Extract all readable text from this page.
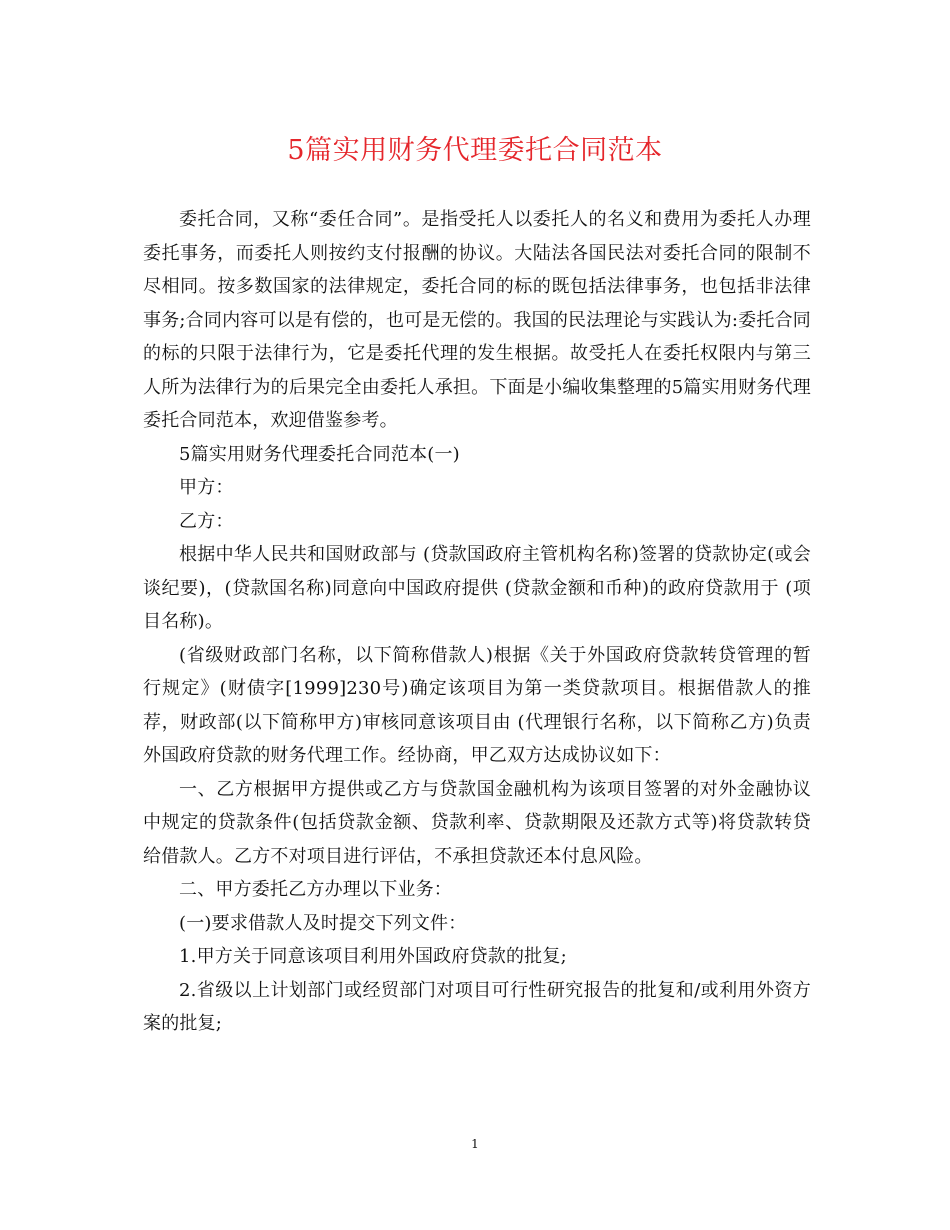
5篇实用财务代理委托合同范本

委托合同，又称“委任合同”。是指受托人以委托人的名义和费用为委托人办理委托事务，而委托人则按约支付报酬的协议。大陆法各国民法对委托合同的限制不尽相同。按多数国家的法律规定，委托合同的标的既包括法律事务，也包括非法律事务;合同内容可以是有偿的，也可是无偿的。我国的民法理论与实践认为:委托合同的标的只限于法律行为，它是委托代理的发生根据。故受托人在委托权限内与第三人所为法律行为的后果完全由委托人承担。下面是小编收集整理的5篇实用财务代理委托合同范本，欢迎借鉴参考。

5篇实用财务代理委托合同范本(一)

甲方：

乙方：

根据中华人民共和国财政部与 (贷款国政府主管机构名称)签署的贷款协定(或会谈纪要)，(贷款国名称)同意向中国政府提供 (贷款金额和币种)的政府贷款用于 (项目名称)。

(省级财政部门名称，以下简称借款人)根据《关于外国政府贷款转贷管理的暂行规定》(财债字[1999]230号)确定该项目为第一类贷款项目。根据借款人的推荐，财政部(以下简称甲方)审核同意该项目由 (代理银行名称，以下简称乙方)负责外国政府贷款的财务代理工作。经协商，甲乙双方达成协议如下：

一、乙方根据甲方提供或乙方与贷款国金融机构为该项目签署的对外金融协议中规定的贷款条件(包括贷款金额、贷款利率、贷款期限及还款方式等)将贷款转贷给借款人。乙方不对项目进行评估，不承担贷款还本付息风险。

二、甲方委托乙方办理以下业务：

(一)要求借款人及时提交下列文件：

1.甲方关于同意该项目利用外国政府贷款的批复;

2.省级以上计划部门或经贸部门对项目可行性研究报告的批复和/或利用外资方案的批复;

1
